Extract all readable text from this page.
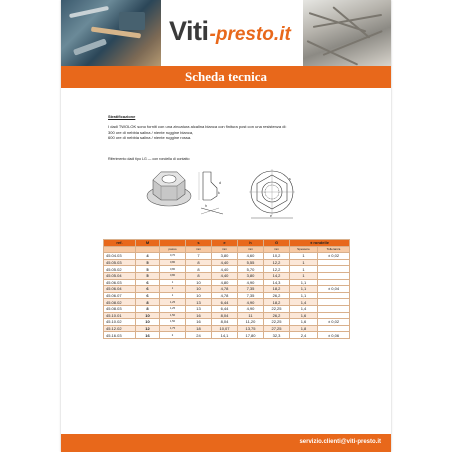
Viti -presto.it
Scheda tecnica
Stratificazione
I dadi TWOLOK sono forniti con una zincatura alcalina bianca con finitura post con una resistenza di:
300 ore di nebbia salina / niente ruggine bianca,
600 ore di nebbia salina / niente ruggine rossa.
Riferimento dadi tipo LG — con rondella di contatto
d
k
h
e
s
ref.	M		s	e	h	G	± rondelle	
		passo	mm	mm	mm	mm	Spessore	Tolleranza
45.04.03	4	0,70	7	3,80	4,60	10,2	1	± 0,02
45.05.03	5	0,80	8	4,40	5,55	12,2	1	
45.05.02	5	0,80	8	4,40	5,70	12,2	1	
45.05.04	5	0,80	8	4,40	3,80	14,2	1	
45.06.03	6	1	10	4,80	4,90	14,3	1,1	
45.06.04	6	1	10	4,78	7,35	18,2	1,1	± 0,04
45.06.07	6	1	10	4,78	7,35	26,2	1,1	
45.08.02	8	1,25	13	6,44	4,90	18,2	1,4	
45.08.03	8	1,25	13	6,44	4,90	22,25	1,4	
45.10.01	10	1,50	16	8,04	11	26,2	1,6	
45.10.02	10	1,50	16	8,04	11,20	22,25	1,6	± 0,02
45.12.02	12	1,75	18	10,07	13,75	27,25	1,8	
45.16.03	16	2	24	14,1	17,80	32,3	2,4	± 0,06
servizio.clienti@viti-presto.it
